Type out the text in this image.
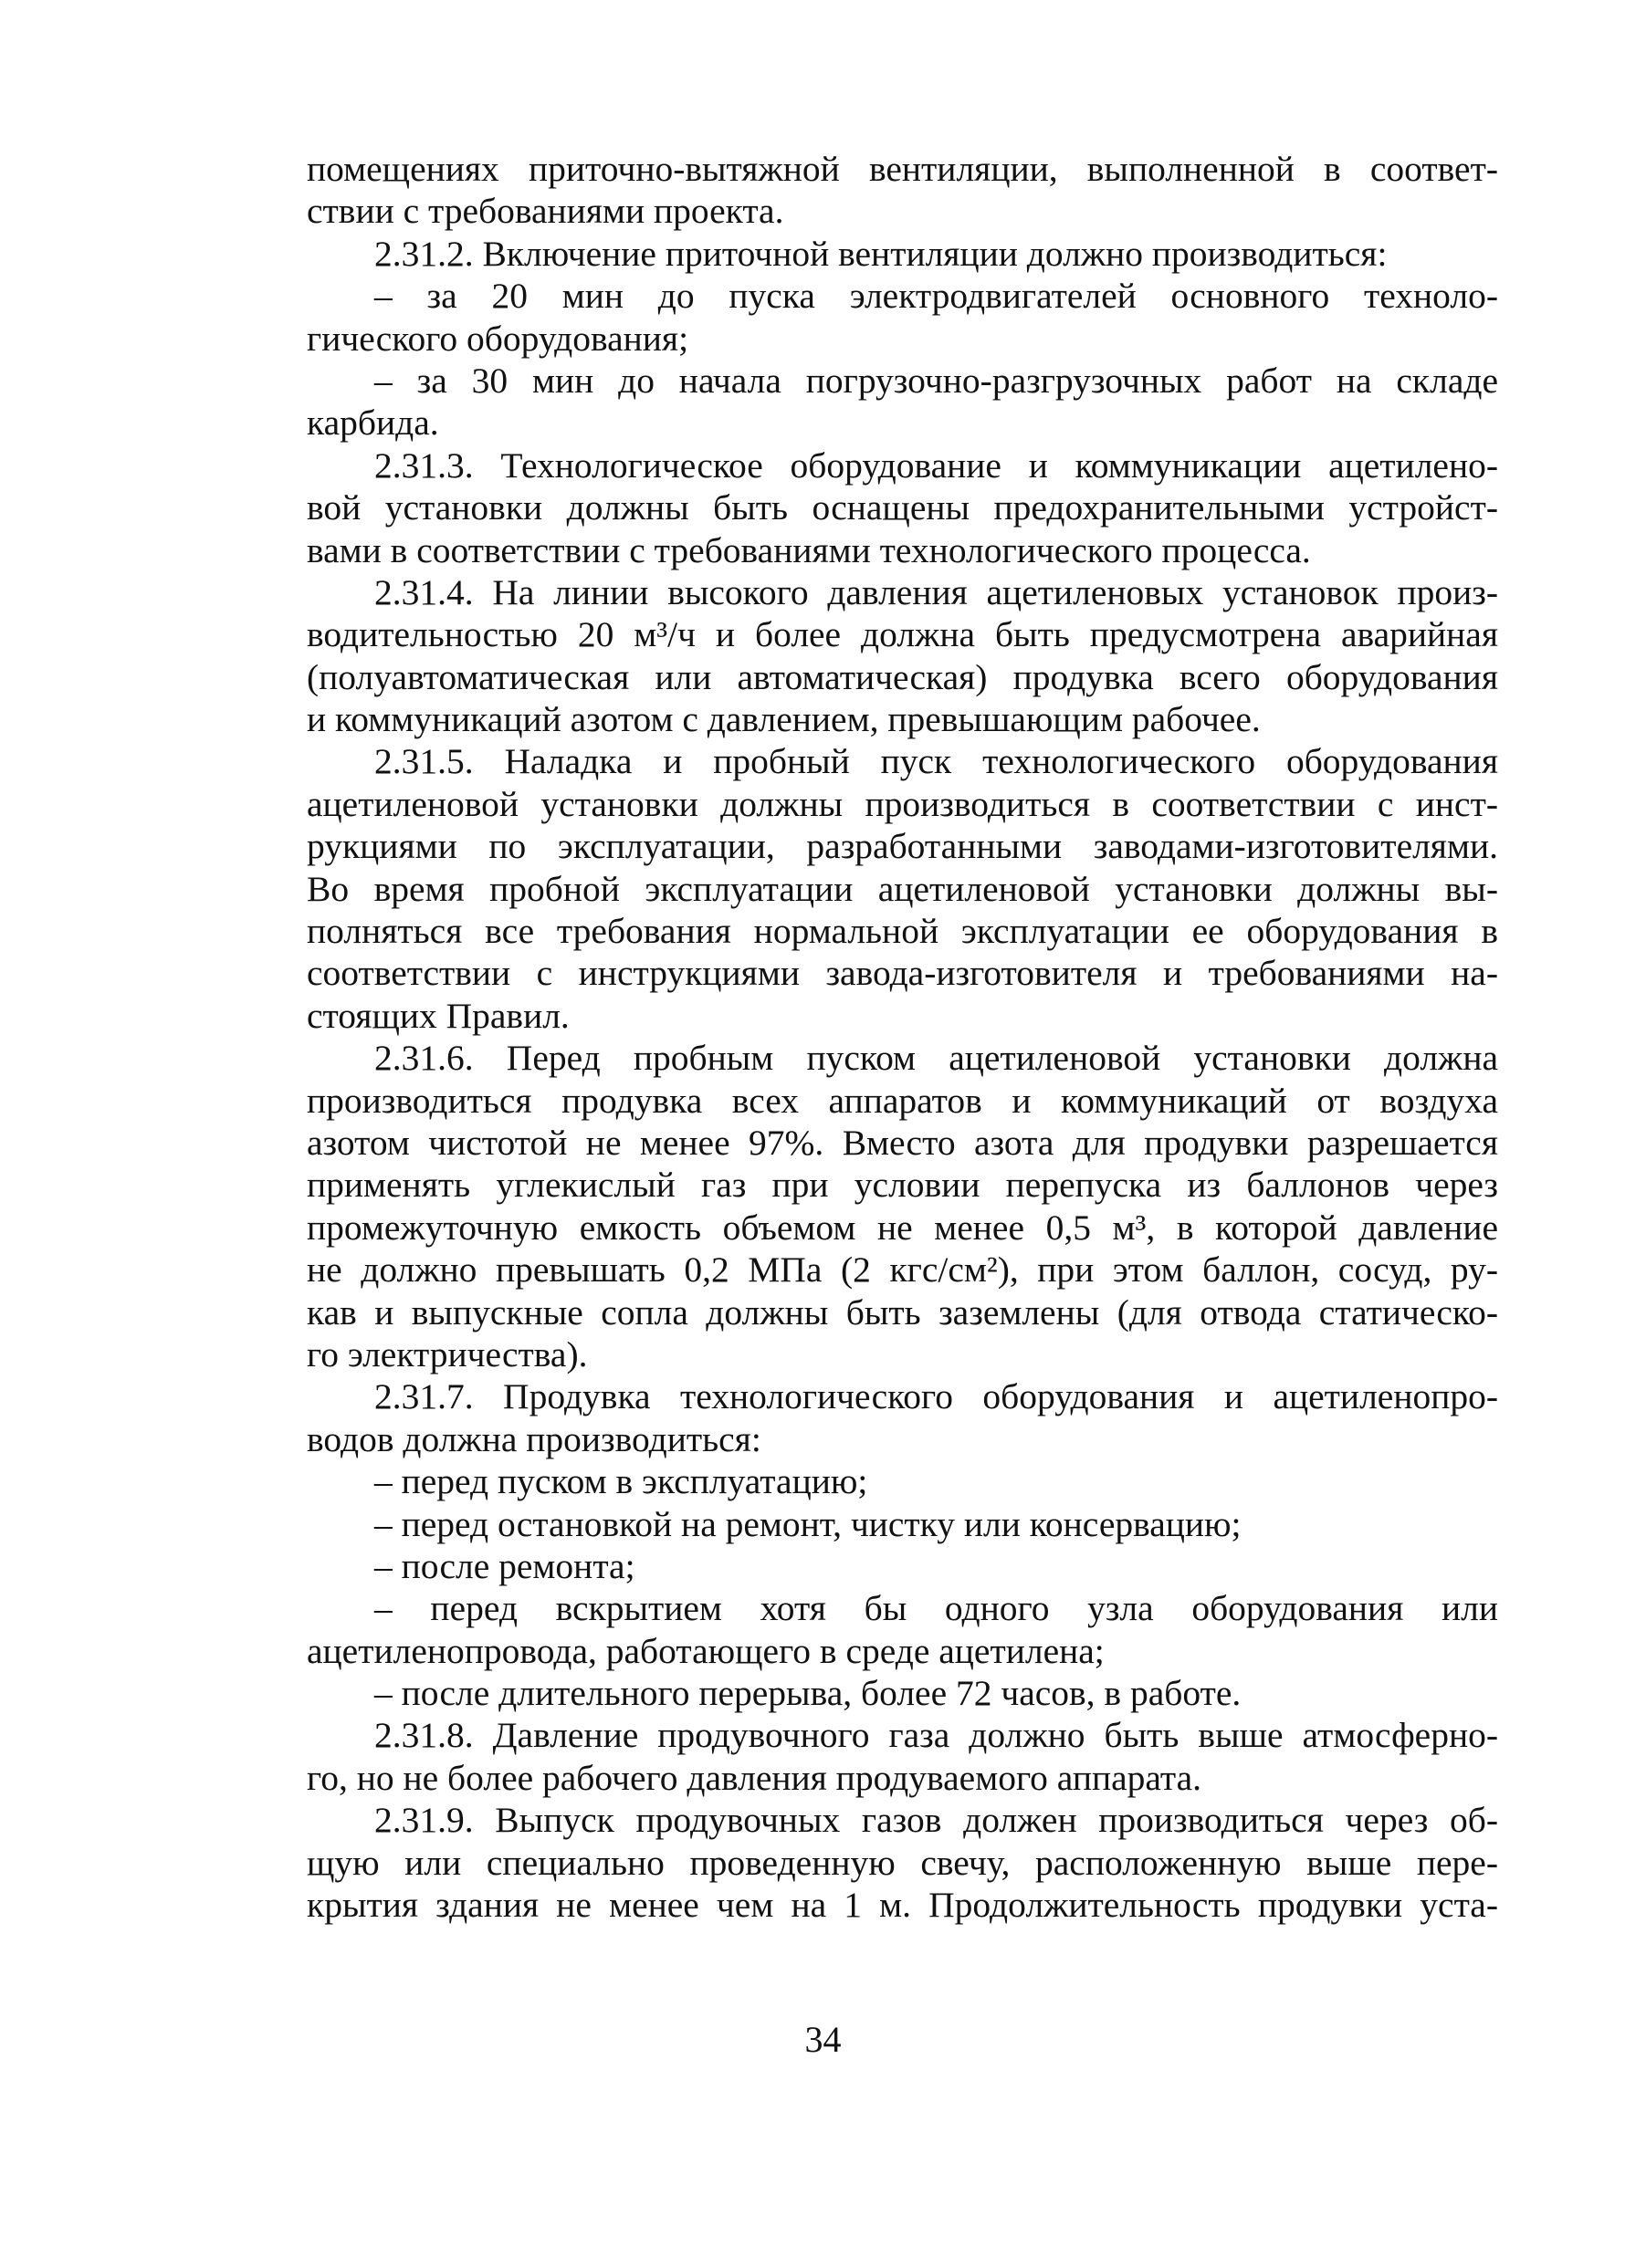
помещениях приточно-вытяжной вентиляции, выполненной в соответ-
ствии с требованиями проекта.
2.31.2. Включение приточной вентиляции должно производиться:
– за 20 мин до пуска электродвигателей основного техноло-
гического оборудования;
– за 30 мин до начала погрузочно-разгрузочных работ на складе
карбида.
2.31.3. Технологическое оборудование и коммуникации ацетилено-
вой установки должны быть оснащены предохранительными устройст-
вами в соответствии с требованиями технологического процесса.
2.31.4. На линии высокого давления ацетиленовых установок произ-
водительностью 20 м³/ч и более должна быть предусмотрена аварийная
(полуавтоматическая или автоматическая) продувка всего оборудования
и коммуникаций азотом с давлением, превышающим рабочее.
2.31.5. Наладка и пробный пуск технологического оборудования
ацетиленовой установки должны производиться в соответствии с инст-
рукциями по эксплуатации, разработанными заводами-изготовителями.
Во время пробной эксплуатации ацетиленовой установки должны вы-
полняться все требования нормальной эксплуатации ее оборудования в
соответствии с инструкциями завода-изготовителя и требованиями на-
стоящих Правил.
2.31.6. Перед пробным пуском ацетиленовой установки должна
производиться продувка всех аппаратов и коммуникаций от воздуха
азотом чистотой не менее 97%. Вместо азота для продувки разрешается
применять углекислый газ при условии перепуска из баллонов через
промежуточную емкость объемом не менее 0,5 м³, в которой давление
не должно превышать 0,2 МПа (2 кгс/см²), при этом баллон, сосуд, ру-
кав и выпускные сопла должны быть заземлены (для отвода статическо-
го электричества).
2.31.7. Продувка технологического оборудования и ацетиленопро-
водов должна производиться:
– перед пуском в эксплуатацию;
– перед остановкой на ремонт, чистку или консервацию;
– после ремонта;
– перед вскрытием хотя бы одного узла оборудования или
ацетиленопровода, работающего в среде ацетилена;
– после длительного перерыва, более 72 часов, в работе.
2.31.8. Давление продувочного газа должно быть выше атмосферно-
го, но не более рабочего давления продуваемого аппарата.
2.31.9. Выпуск продувочных газов должен производиться через об-
щую или специально проведенную свечу, расположенную выше пере-
крытия здания не менее чем на 1 м. Продолжительность продувки уста-
34
